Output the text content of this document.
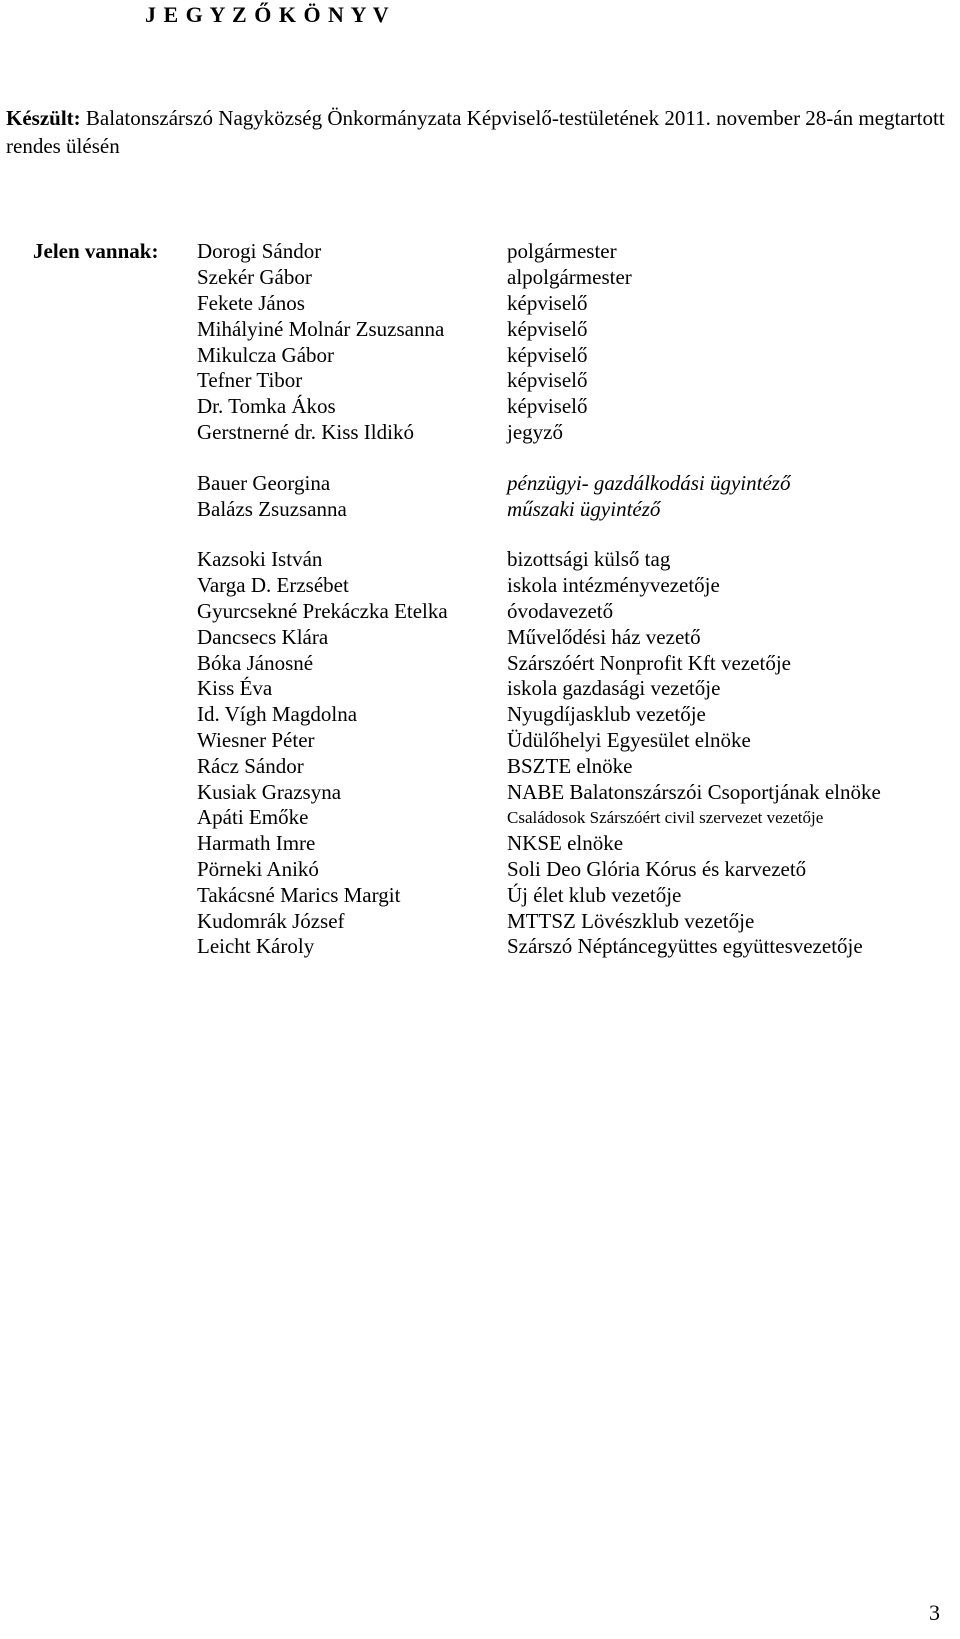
J E G Y Z Ő K Ö N Y V
Készült: Balatonszárszó Nagyközség Önkormányzata Képviselő-testületének 2011. november 28-án megtartott rendes ülésén
Jelen vannak: Dorogi Sándor	polgármester
Szekér Gábor	alpolgármester
Fekete János	képviselő
Mihályiné Molnár Zsuzsanna	képviselő
Mikulcza Gábor	képviselő
Tefner Tibor	képviselő
Dr. Tomka Ákos	képviselő
Gerstnerné dr. Kiss Ildikó	jegyző
Bauer Georgina	pénzügyi- gazdálkodási ügyintéző
Balázs Zsuzsanna	műszaki ügyintéző
Kazsoki István	bizottsági külső tag
Varga D. Erzsébet	iskola intézményvezetője
Gyurcsekné Prekáczka Etelka	óvodavezető
Dancsecs Klára	Művelődési ház vezető
Bóka Jánosné	Szárszóért Nonprofit Kft vezetője
Kiss Éva	iskola gazdasági vezetője
Id. Vígh Magdolna	Nyugdíjasklub vezetője
Wiesner Péter	Üdülőhelyi Egyesület elnöke
Rácz Sándor	BSZTE elnöke
Kusiak Grazsyna	NABE Balatonszárszói Csoportjának elnöke
Apáti Emőke	Családosok Szárszóért civil szervezet vezetője
Harmath Imre	NKSE elnöke
Pörneki Anikó	Soli Deo Glória Kórus és karvezető
Takácsné Marics Margit	Új élet klub vezetője
Kudomrák József	MTTSZ Lövészklub vezetője
Leicht Károly	Szárszó Néptáncegyüttes együttesvezetője
3
